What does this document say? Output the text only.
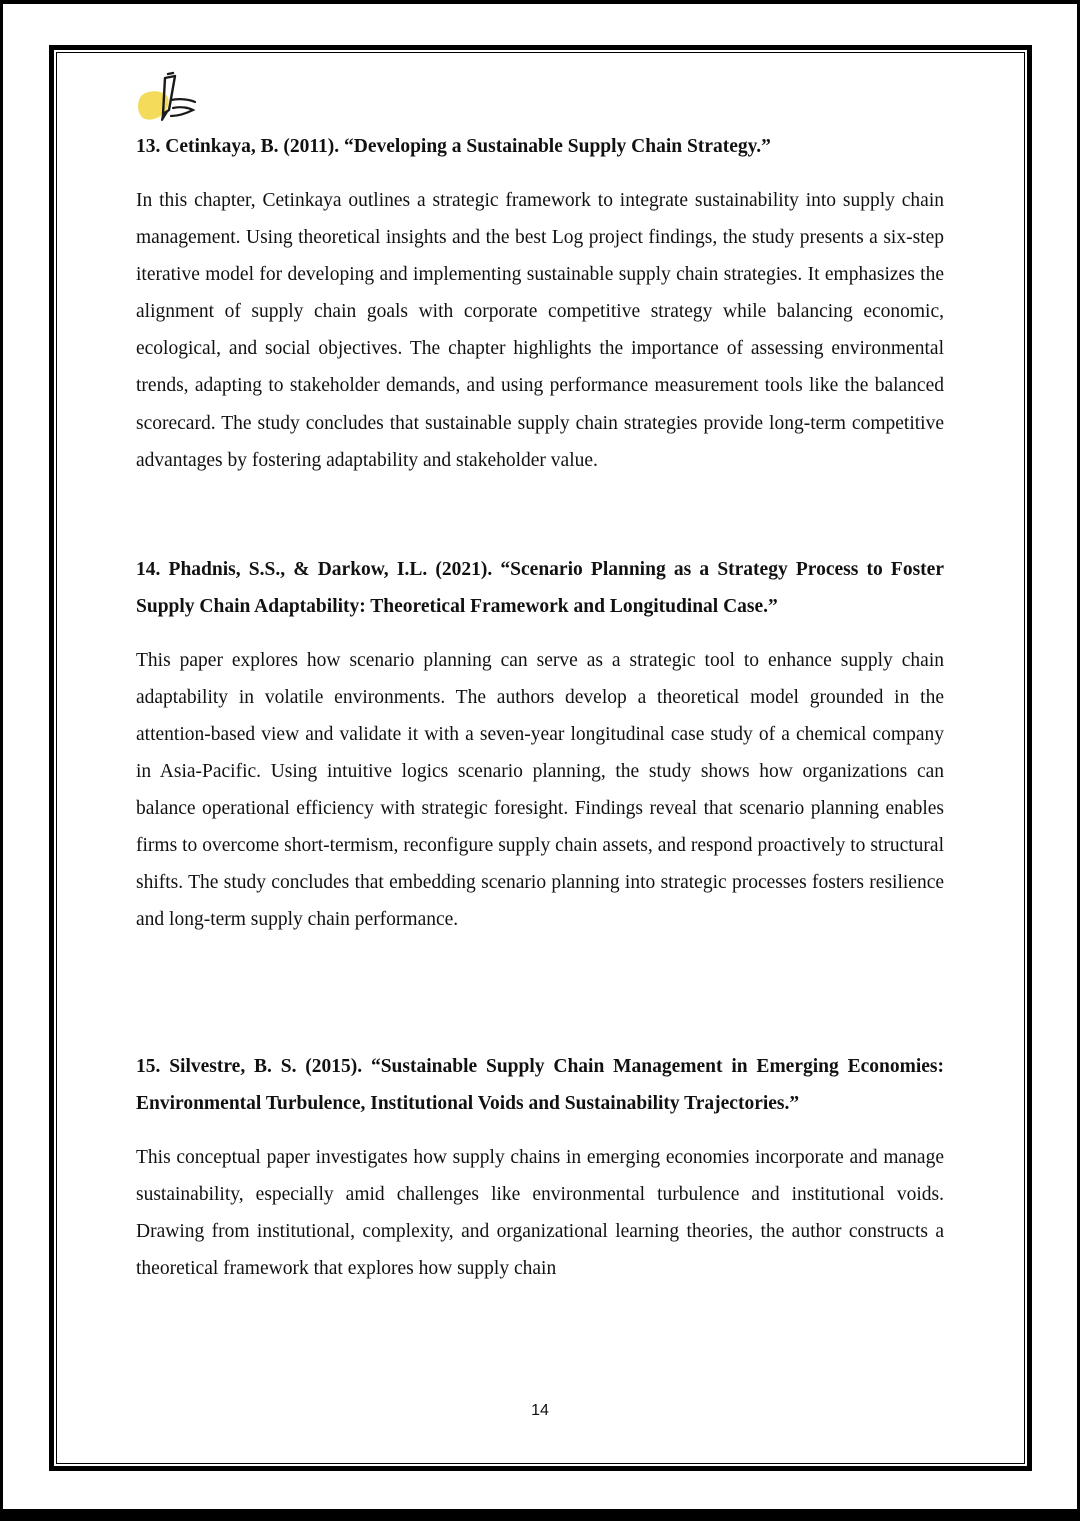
13. Cetinkaya, B. (2011). “Developing a Sustainable Supply Chain Strategy.”

In this chapter, Cetinkaya outlines a strategic framework to integrate sustainability into supply chain management. Using theoretical insights and the best Log project findings, the study presents a six-step iterative model for developing and implementing sustainable supply chain strategies. It emphasizes the alignment of supply chain goals with corporate competitive strategy while balancing economic, ecological, and social objectives. The chapter highlights the importance of assessing environmental trends, adapting to stakeholder demands, and using performance measurement tools like the balanced scorecard. The study concludes that sustainable supply chain strategies provide long-term competitive advantages by fostering adaptability and stakeholder value.

14. Phadnis, S.S., & Darkow, I.L. (2021). “Scenario Planning as a Strategy Process to Foster Supply Chain Adaptability: Theoretical Framework and Longitudinal Case.”

This paper explores how scenario planning can serve as a strategic tool to enhance supply chain adaptability in volatile environments. The authors develop a theoretical model grounded in the attention-based view and validate it with a seven-year longitudinal case study of a chemical company in Asia-Pacific. Using intuitive logics scenario planning, the study shows how organizations can balance operational efficiency with strategic foresight. Findings reveal that scenario planning enables firms to overcome short-termism, reconfigure supply chain assets, and respond proactively to structural shifts. The study concludes that embedding scenario planning into strategic processes fosters resilience and long-term supply chain performance.

15. Silvestre, B. S. (2015). “Sustainable Supply Chain Management in Emerging Economies: Environmental Turbulence, Institutional Voids and Sustainability Trajectories.”

This conceptual paper investigates how supply chains in emerging economies incorporate and manage sustainability, especially amid challenges like environmental turbulence and institutional voids. Drawing from institutional, complexity, and organizational learning theories, the author constructs a theoretical framework that explores how supply chain

14
